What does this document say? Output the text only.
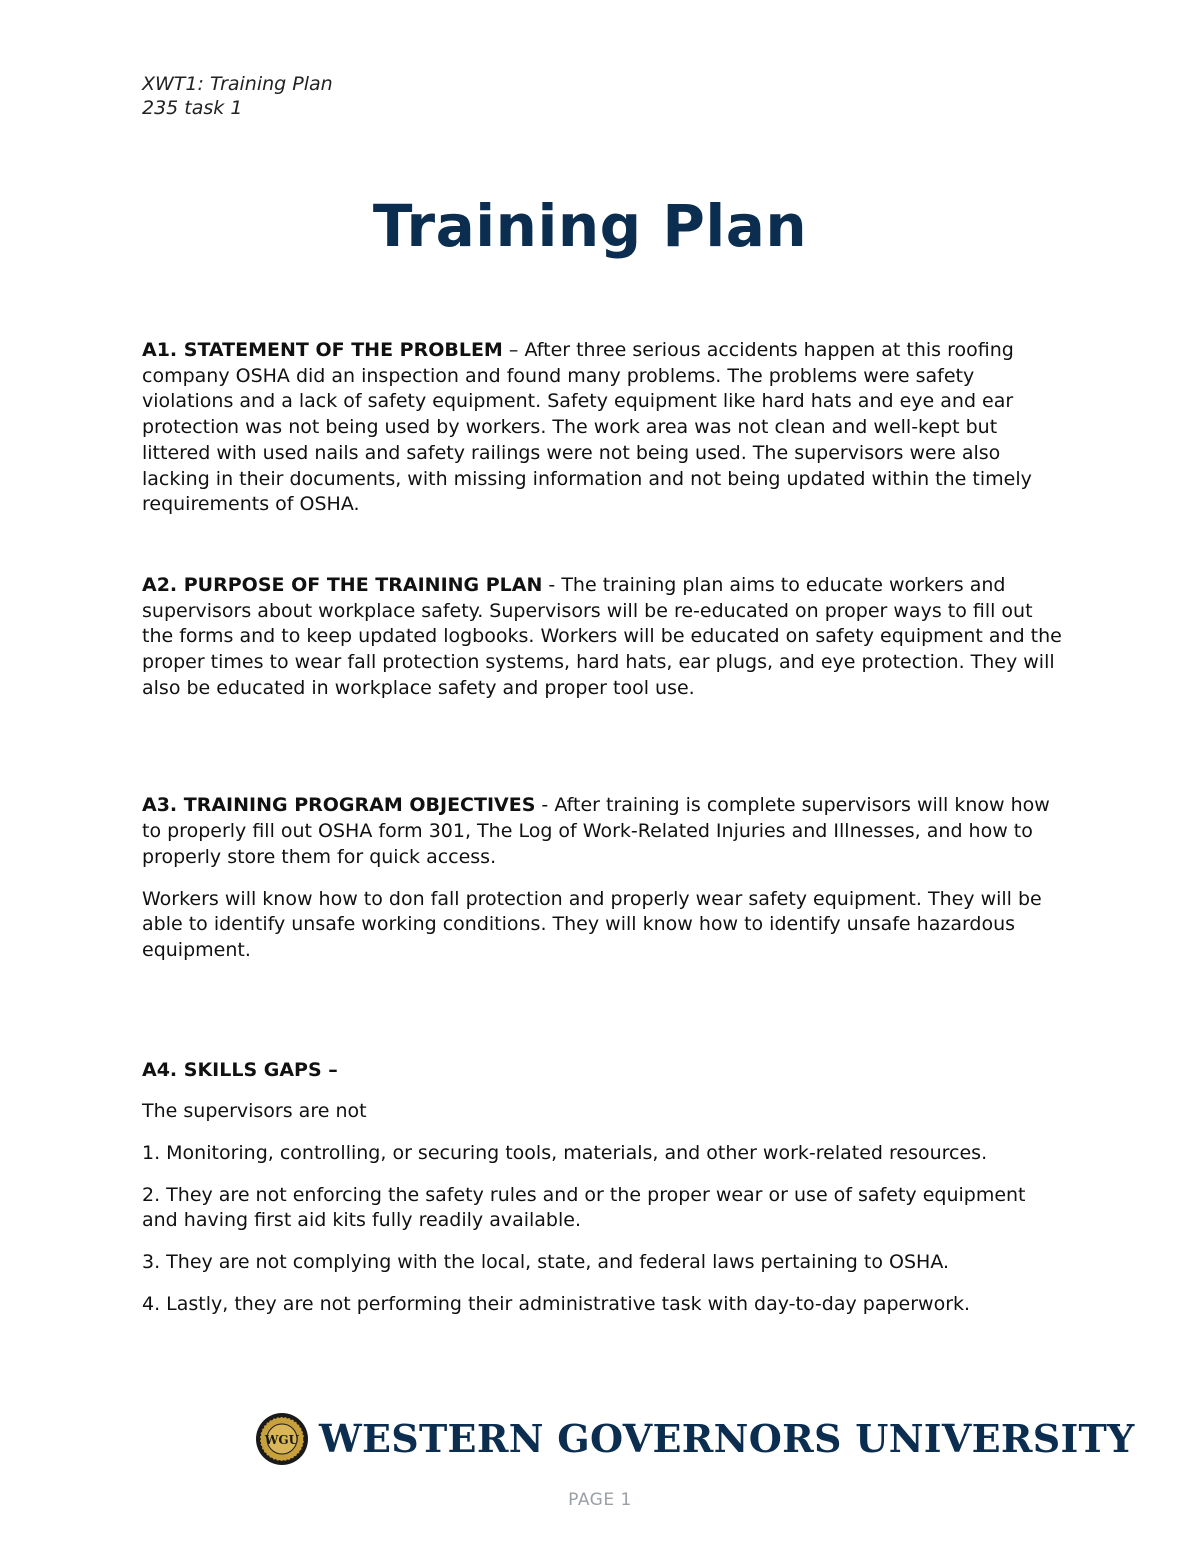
XWT1: Training Plan
235 task 1
Training Plan

A1. STATEMENT OF THE PROBLEM – After three serious accidents happen at this roofing company OSHA did an inspection and found many problems. The problems were safety violations and a lack of safety equipment. Safety equipment like hard hats and eye and ear protection was not being used by workers. The work area was not clean and well-kept but littered with used nails and safety railings were not being used. The supervisors were also lacking in their documents, with missing information and not being updated within the timely requirements of OSHA.

A2. PURPOSE OF THE TRAINING PLAN - The training plan aims to educate workers and supervisors about workplace safety. Supervisors will be re-educated on proper ways to fill out the forms and to keep updated logbooks. Workers will be educated on safety equipment and the proper times to wear fall protection systems, hard hats, ear plugs, and eye protection. They will also be educated in workplace safety and proper tool use.

A3. TRAINING PROGRAM OBJECTIVES - After training is complete supervisors will know how to properly fill out OSHA form 301, The Log of Work-Related Injuries and Illnesses, and how to properly store them for quick access.

Workers will know how to don fall protection and properly wear safety equipment. They will be able to identify unsafe working conditions. They will know how to identify unsafe hazardous equipment.

A4. SKILLS GAPS –

The supervisors are not

1. Monitoring, controlling, or securing tools, materials, and other work-related resources.

2. They are not enforcing the safety rules and or the proper wear or use of safety equipment and having first aid kits fully readily available.

3. They are not complying with the local, state, and federal laws pertaining to OSHA.

4. Lastly, they are not performing their administrative task with day-to-day paperwork.

WGU WESTERN GOVERNORS UNIVERSITY
PAGE 1
